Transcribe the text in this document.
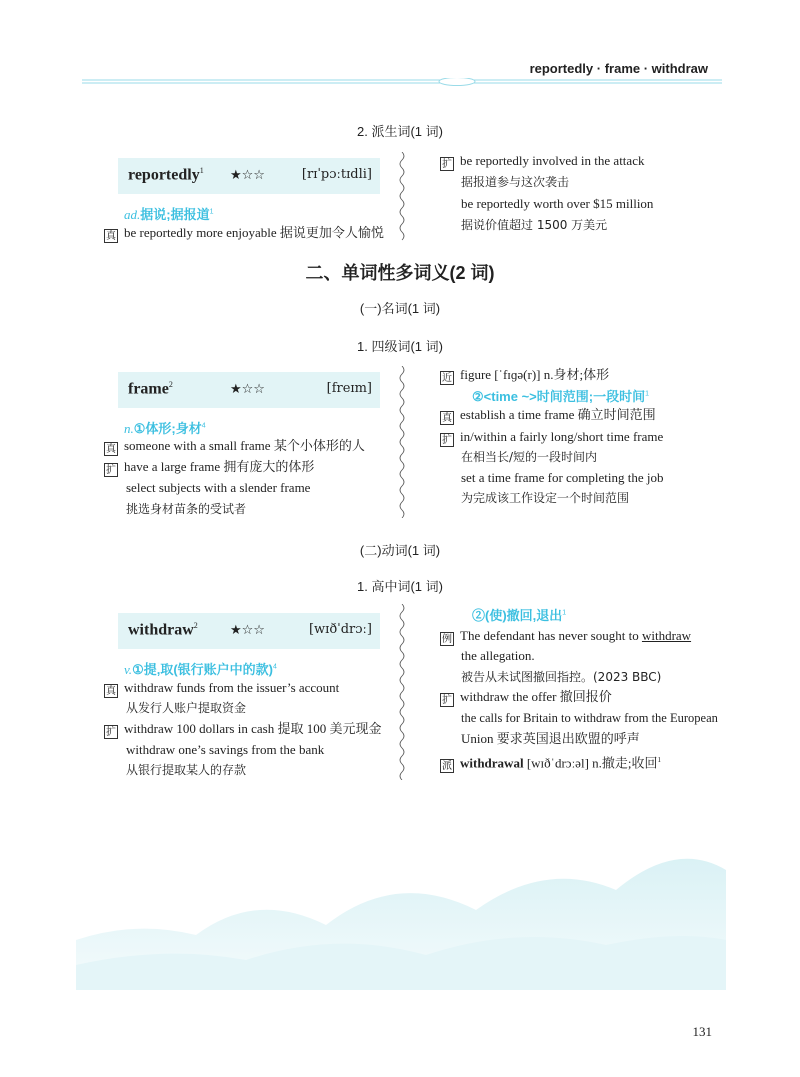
reportedly · frame · withdraw
2. 派生词(1 词)
reportedly$^1$ ★☆☆	[rɪˈpɔːtɪdli]
ad.据说;据报道$^1$
真 be reportedly more enjoyable 据说更加令人愉悦
扩 be reportedly involved in the attack
据报道参与这次袭击
be reportedly worth over $15 million
据说价值超过 1500 万美元
二、单词性多词义(2 词)
(一)名词(1 词)
1. 四级词(1 词)
frame$^2$	★☆☆	[freɪm]
n.①体形;身材$^4$
真 someone with a small frame 某个小体形的人
扩 have a large frame 拥有庞大的体形
select subjects with a slender frame
挑选身材苗条的受试者
近 figure [ˈfɪɡə(r)] n.身材;体形
②<time ~>时间范围;一段时间$^1$
真 establish a time frame 确立时间范围
扩 in/within a fairly long/short time frame
在相当长/短的一段时间内
set a time frame for completing the job
为完成该工作设定一个时间范围
(二)动词(1 词)
1. 高中词(1 词)
withdraw$^2$ ★☆☆	[wɪðˈdrɔː]
v.①提,取(银行账户中的款)$^4$
真 withdraw funds from the issuer’s account
从发行人账户提取资金
扩 withdraw 100 dollars in cash 提取 100 美元现金
withdraw one’s savings from the bank
从银行提取某人的存款
②(使)撤回,退出$^1$
例 The defendant has never sought to withdraw
the allegation.
被告从未试图撤回指控。(2023 BBC)
扩 withdraw the offer 撤回报价
the calls for Britain to withdraw from the European
Union 要求英国退出欧盟的呼声
派 withdrawal [wɪðˈdrɔːəl] n.撤走;收回$^1$
131
